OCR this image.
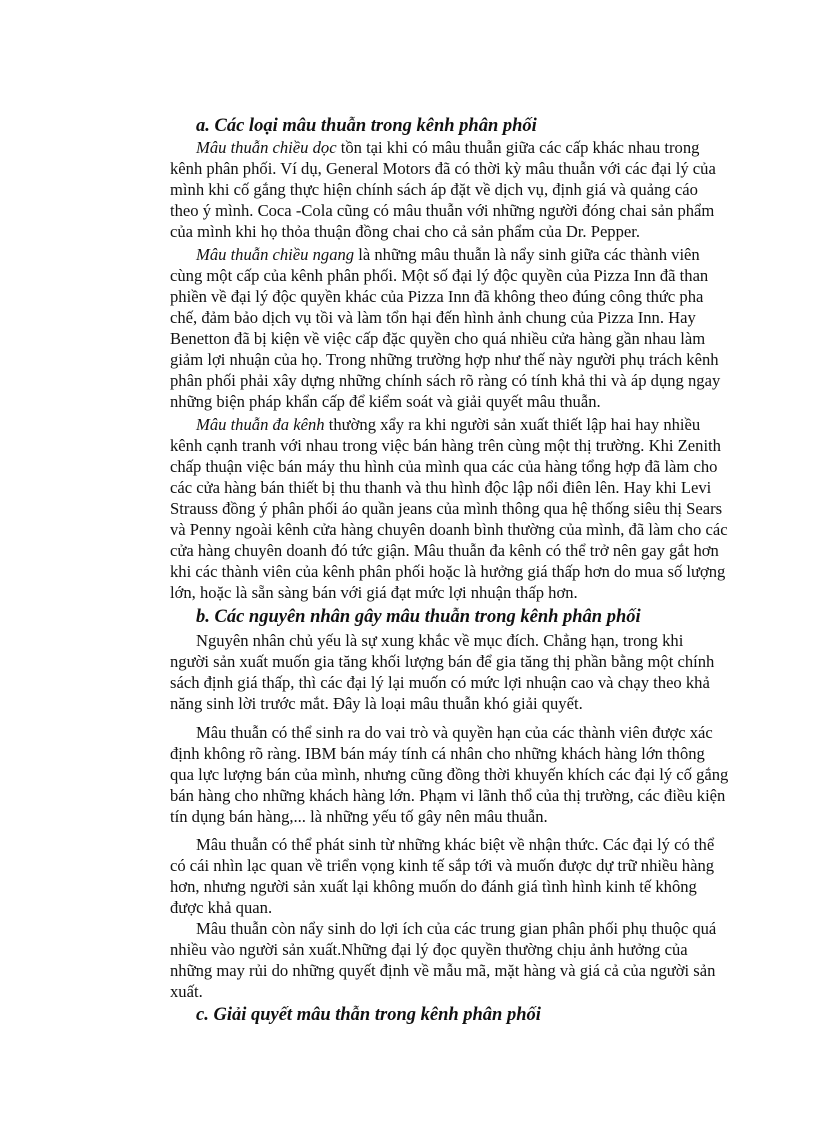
a. Các loại mâu thuẫn trong kênh phân phối

Mâu thuẫn chiều dọc tồn tại khi có mâu thuẫn giữa các cấp khác nhau trong
kênh phân phối. Ví dụ, General Motors đã có thời kỳ mâu thuẫn với các đại lý của
mình khi cố gắng thực hiện chính sách áp đặt về dịch vụ, định giá và quảng cáo
theo ý mình. Coca -Cola cũng có mâu thuẫn với những người đóng chai sản phẩm
của mình khi họ thỏa thuận đồng chai cho cả sản phẩm của Dr. Pepper.

Mâu thuẫn chiều ngang là những mâu thuẫn là nẩy sinh giữa các thành viên
cùng một cấp của kênh phân phối. Một số đại lý độc quyền của Pizza Inn đã than
phiền về đại lý độc quyền khác của Pizza Inn đã không theo đúng công thức pha
chế, đảm bảo dịch vụ tồi và làm tổn hại đến hình ảnh chung của Pizza Inn. Hay
Benetton đã bị kiện về việc cấp đặc quyền cho quá nhiều cửa hàng gần nhau làm
giảm lợi nhuận của họ. Trong những trường hợp như thế này người phụ trách kênh
phân phối phải xây dựng những chính sách rõ ràng có tính khả thi và áp dụng ngay
những biện pháp khẩn cấp để kiểm soát và giải quyết mâu thuẫn.

Mâu thuẫn đa kênh thường xẩy ra khi người sản xuất thiết lập hai hay nhiều
kênh cạnh tranh với nhau trong việc bán hàng trên cùng một thị trường. Khi Zenith
chấp thuận việc bán máy thu hình của mình qua các của hàng tổng hợp đã làm cho
các cửa hàng bán thiết bị thu thanh và thu hình độc lập nổi điên lên. Hay khi Levi
Strauss đồng ý phân phối áo quần jeans của mình thông qua hệ thống siêu thị Sears
và Penny ngoài kênh cửa hàng chuyên doanh bình thường của mình, đã làm cho các
cửa hàng chuyên doanh đó tức giận. Mâu thuẫn đa kênh có thể trở nên gay gắt hơn
khi các thành viên của kênh phân phối hoặc là hưởng giá thấp hơn do mua số lượng
lớn, hoặc là sẵn sàng bán với giá đạt mức lợi nhuận thấp hơn.

b. Các nguyên nhân gây mâu thuẫn trong kênh phân phối

Nguyên nhân chủ yếu là sự xung khắc về mục đích. Chẳng hạn, trong khi
người sản xuất muốn gia tăng khối lượng bán để gia tăng thị phần bằng một chính
sách định giá thấp, thì các đại lý lại muốn có mức lợi nhuận cao và chạy theo khả
năng sinh lời trước mắt. Đây là loại mâu thuẫn khó giải quyết.

Mâu thuẫn có thể sinh ra do vai trò và quyền hạn của các thành viên được xác
định không rõ ràng. IBM bán máy tính cá nhân cho những khách hàng lớn thông
qua lực lượng bán của mình, nhưng cũng đồng thời khuyến khích các đại lý cố gắng
bán hàng cho những khách hàng lớn. Phạm vi lãnh thổ của thị trường, các điều kiện
tín dụng bán hàng,... là những yếu tố gây nên mâu thuẫn.

Mâu thuẫn có thể phát sinh từ những khác biệt về nhận thức. Các đại lý có thể
có cái nhìn lạc quan về triển vọng kinh tế sắp tới và muốn được dự trữ nhiều hàng
hơn, nhưng người sản xuất lại không muốn do đánh giá tình hình kinh tế không
được khả quan.

Mâu thuẫn còn nẩy sinh do lợi ích của các trung gian phân phối phụ thuộc quá
nhiều vào người sản xuất.Những đại lý đọc quyền thường chịu ảnh hưởng của
những may rủi do những quyết định về mẫu mã, mặt hàng và giá cả của người sản
xuất.

c. Giải quyết mâu thẫn trong kênh phân phối
